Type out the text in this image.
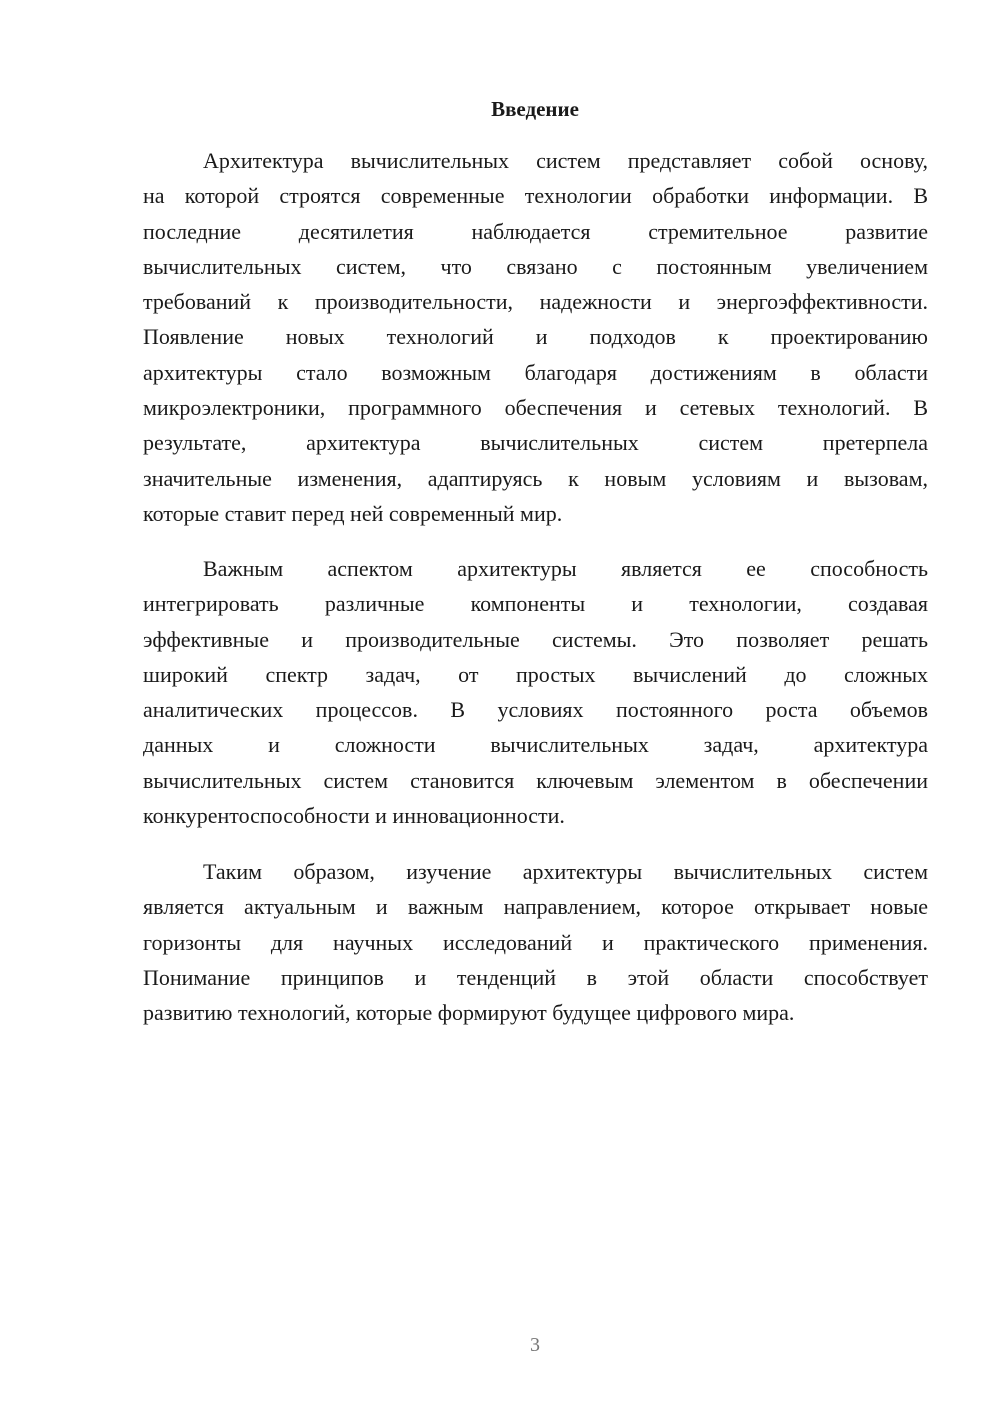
Введение
Архитектура вычислительных систем представляет собой основу,
на которой строятся современные технологии обработки информации. В
последние десятилетия наблюдается стремительное развитие
вычислительных систем, что связано с постоянным увеличением
требований к производительности, надежности и энергоэффективности.
Появление новых технологий и подходов к проектированию
архитектуры стало возможным благодаря достижениям в области
микроэлектроники, программного обеспечения и сетевых технологий. В
результате, архитектура вычислительных систем претерпела
значительные изменения, адаптируясь к новым условиям и вызовам,
которые ставит перед ней современный мир.
Важным аспектом архитектуры является ее способность
интегрировать различные компоненты и технологии, создавая
эффективные и производительные системы. Это позволяет решать
широкий спектр задач, от простых вычислений до сложных
аналитических процессов. В условиях постоянного роста объемов
данных и сложности вычислительных задач, архитектура
вычислительных систем становится ключевым элементом в обеспечении
конкурентоспособности и инновационности.
Таким образом, изучение архитектуры вычислительных систем
является актуальным и важным направлением, которое открывает новые
горизонты для научных исследований и практического применения.
Понимание принципов и тенденций в этой области способствует
развитию технологий, которые формируют будущее цифрового мира.
3
